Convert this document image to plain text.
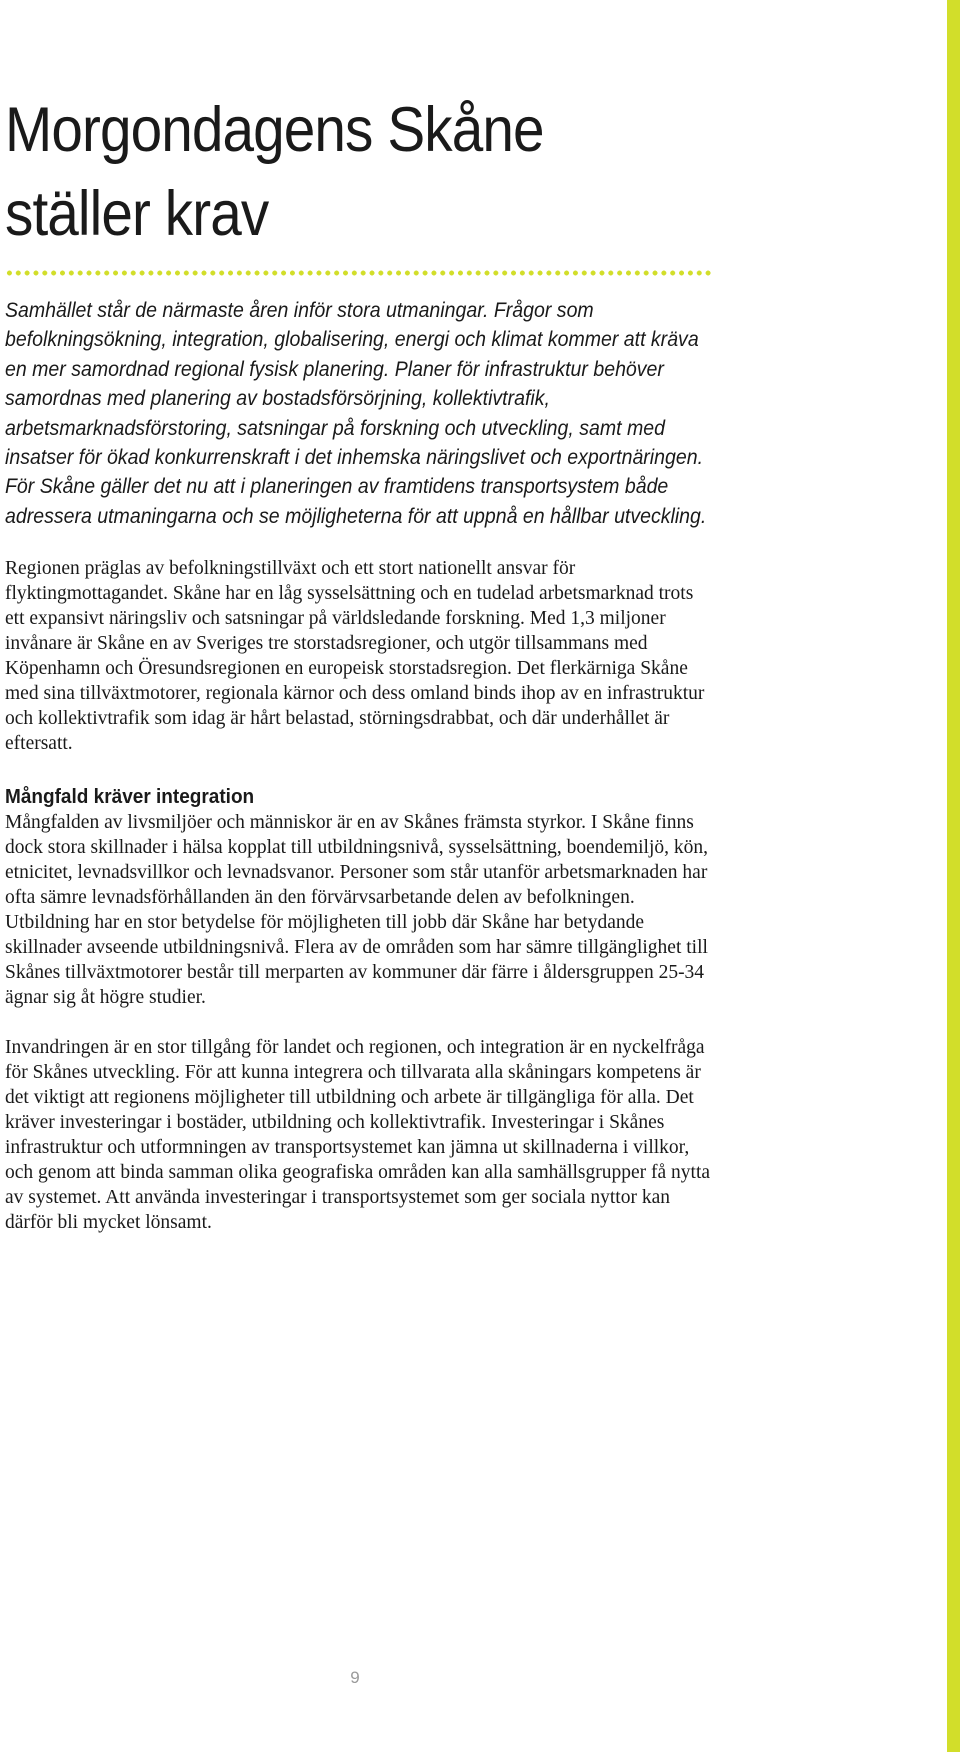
Morgondagens Skåne
ställer krav

Samhället står de närmaste åren inför stora utmaningar. Frågor som befolkningsökning, integration, globalisering, energi och klimat kommer att kräva en mer samordnad regional fysisk planering. Planer för infrastruktur behöver samordnas med planering av bostadsförsörjning, kollektivtrafik, arbetsmarknadsförstoring, satsningar på forskning och utveckling, samt med insatser för ökad konkurrenskraft i det inhemska näringslivet och exportnäringen. För Skåne gäller det nu att i planeringen av framtidens transportsystem både adressera utmaningarna och se möjligheterna för att uppnå en hållbar utveckling.

Regionen präglas av befolkningstillväxt och ett stort nationellt ansvar för flyktingmottagandet. Skåne har en låg sysselsättning och en tudelad arbetsmarknad trots ett expansivt näringsliv och satsningar på världsledande forskning. Med 1,3 miljoner invånare är Skåne en av Sveriges tre storstadsregioner, och utgör tillsammans med Köpenhamn och Öresundsregionen en europeisk storstadsregion. Det flerkärniga Skåne med sina tillväxtmotorer, regionala kärnor och dess omland binds ihop av en infrastruktur och kollektivtrafik som idag är hårt belastad, störningsdrabbat, och där underhållet är eftersatt.

Mångfald kräver integration

Mångfalden av livsmiljöer och människor är en av Skånes främsta styrkor. I Skåne finns dock stora skillnader i hälsa kopplat till utbildningsnivå, sysselsättning, boendemiljö, kön, etnicitet, levnadsvillkor och levnadsvanor. Personer som står utanför arbetsmarknaden har ofta sämre levnadsförhållanden än den förvärvsarbetande delen av befolkningen. Utbildning har en stor betydelse för möjligheten till jobb där Skåne har betydande skillnader avseende utbildningsnivå. Flera av de områden som har sämre tillgänglighet till Skånes tillväxtmotorer består till merparten av kommuner där färre i åldersgruppen 25-34 ägnar sig åt högre studier.

Invandringen är en stor tillgång för landet och regionen, och integration är en nyckelfråga för Skånes utveckling. För att kunna integrera och tillvarata alla skåningars kompetens är det viktigt att regionens möjligheter till utbildning och arbete är tillgängliga för alla. Det kräver investeringar i bostäder, utbildning och kollektivtrafik. Investeringar i Skånes infrastruktur och utformningen av transportsystemet kan jämna ut skillnaderna i villkor, och genom att binda samman olika geografiska områden kan alla samhällsgrupper få nytta av systemet. Att använda investeringar i transportsystemet som ger sociala nyttor kan därför bli mycket lönsamt.

9
